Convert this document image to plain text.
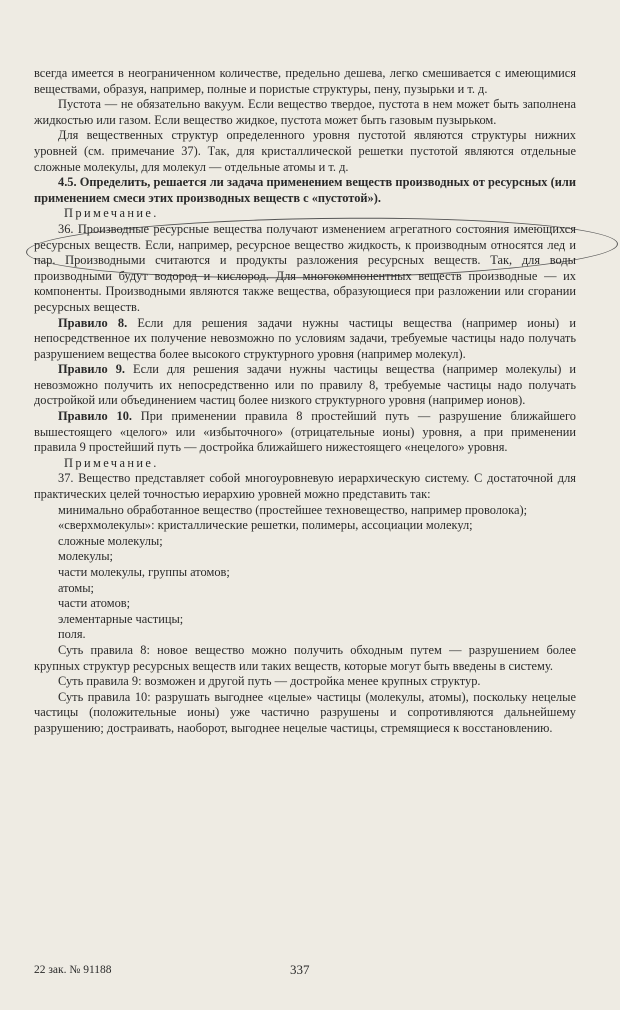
всегда имеется в неограниченном количестве, предельно дешева, легко смешивается с имеющимися веществами, образуя, например, полные и пористые структуры, пену, пузырьки и т. д.

Пустота — не обязательно вакуум. Если вещество твердое, пустота в нем может быть заполнена жидкостью или газом. Если вещество жидкое, пустота может быть газовым пузырьком.

Для вещественных структур определенного уровня пустотой являются структуры нижних уровней (см. примечание 37). Так, для кристаллической решетки пустотой являются отдельные сложные молекулы, для молекул — отдельные атомы и т. д.

4.5. Определить, решается ли задача применением веществ производных от ресурсных (или применением смеси этих производных веществ с «пустотой»).

Примечание.

36. Производные ресурсные вещества получают изменением агрегатного состояния имеющихся ресурсных веществ. Если, например, ресурсное вещество жидкость, к производным относятся лед и пар. Производными считаются и продукты разложения ресурсных веществ. Так, для воды производными будут водород и кислород. Для многокомпонентных веществ производные — их компоненты. Производными являются также вещества, образующиеся при разложении или сгорании ресурсных веществ.

Правило 8. Если для решения задачи нужны частицы вещества (например ионы) и непосредственное их получение невозможно по условиям задачи, требуемые частицы надо получать разрушением вещества более высокого структурного уровня (например молекул).

Правило 9. Если для решения задачи нужны частицы вещества (например молекулы) и невозможно получить их непосредственно или по правилу 8, требуемые частицы надо получать достройкой или объединением частиц более низкого структурного уровня (например ионов).

Правило 10. При применении правила 8 простейший путь — разрушение ближайшего вышестоящего «целого» или «избыточного» (отрицательные ионы) уровня, а при применении правила 9 простейший путь — достройка ближайшего нижестоящего «нецелого» уровня.

Примечание.

37. Вещество представляет собой многоуровневую иерархическую систему. С достаточной для практических целей точностью иерархию уровней можно представить так:

минимально обработанное вещество (простейшее техновещество, например проволока);

«сверхмолекулы»: кристаллические решетки, полимеры, ассоциации молекул;

сложные молекулы;

молекулы;

части молекулы, группы атомов;

атомы;

части атомов;

элементарные частицы;

поля.

Суть правила 8: новое вещество можно получить обходным путем — разрушением более крупных структур ресурсных веществ или таких веществ, которые могут быть введены в систему.

Суть правила 9: возможен и другой путь — достройка менее крупных структур.

Суть правила 10: разрушать выгоднее «целые» частицы (молекулы, атомы), поскольку нецелые частицы (положительные ионы) уже частично разрушены и сопротивляются дальнейшему разрушению; достраивать, наоборот, выгоднее нецелые частицы, стремящиеся к восстановлению.

22 зак. № 91188	337
